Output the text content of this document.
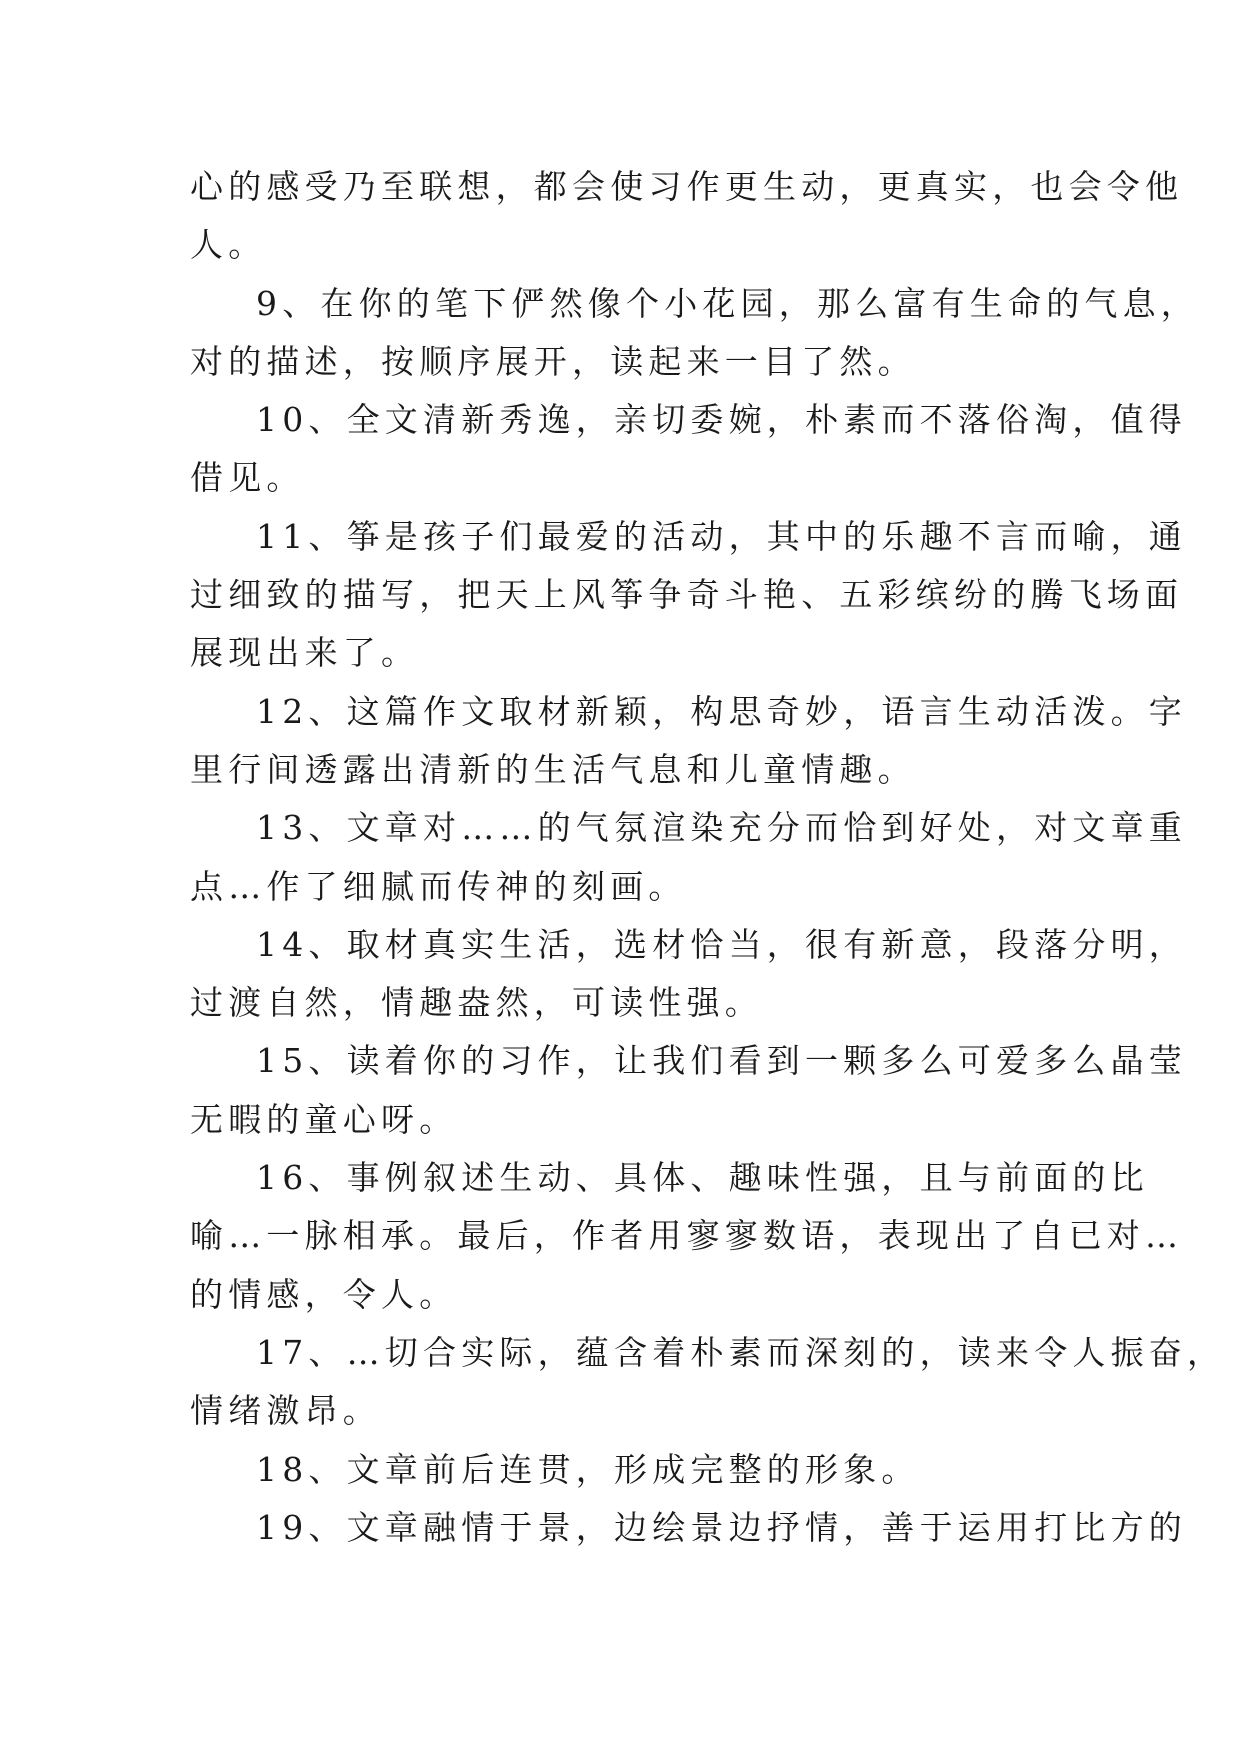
心的感受乃至联想，都会使习作更生动，更真实，也会令他
人。
9、在你的笔下俨然像个小花园，那么富有生命的气息，
对的描述，按顺序展开，读起来一目了然。
10、全文清新秀逸，亲切委婉，朴素而不落俗淘，值得
借见。
11、筝是孩子们最爱的活动，其中的乐趣不言而喻，通
过细致的描写，把天上风筝争奇斗艳、五彩缤纷的腾飞场面
展现出来了。
12、这篇作文取材新颖，构思奇妙，语言生动活泼。字
里行间透露出清新的生活气息和儿童情趣。
13、文章对……的气氛渲染充分而恰到好处，对文章重
点…作了细腻而传神的刻画。
14、取材真实生活，选材恰当，很有新意，段落分明，
过渡自然，情趣盎然，可读性强。
15、读着你的习作，让我们看到一颗多么可爱多么晶莹
无暇的童心呀。
16、事例叙述生动、具体、趣味性强，且与前面的比
喻…一脉相承。最后，作者用寥寥数语，表现出了自已对…
的情感，令人。
17、…切合实际，蕴含着朴素而深刻的，读来令人振奋，
情绪激昂。
18、文章前后连贯，形成完整的形象。
19、文章融情于景，边绘景边抒情，善于运用打比方的
